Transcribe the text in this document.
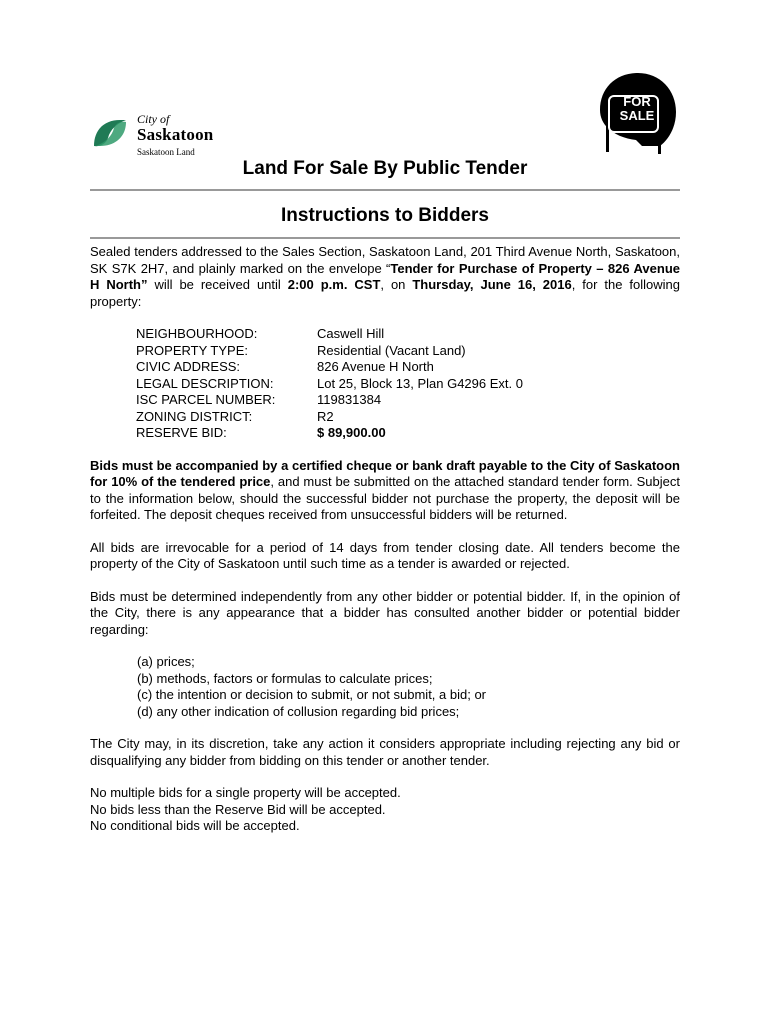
City of
Saskatoon
Saskatoon Land
FOR
SALE
Land For Sale By Public Tender
Instructions to Bidders

Sealed tenders addressed to the Sales Section, Saskatoon Land, 201 Third Avenue North, Saskatoon, SK S7K 2H7, and plainly marked on the envelope “Tender for Purchase of Property – 826 Avenue H North” will be received until 2:00 p.m. CST, on Thursday, June 16, 2016, for the following property:

NEIGHBOURHOOD:	Caswell Hill
PROPERTY TYPE:	Residential (Vacant Land)
CIVIC ADDRESS:	826 Avenue H North
LEGAL DESCRIPTION:	Lot 25, Block 13, Plan G4296 Ext. 0
ISC PARCEL NUMBER:	119831384
ZONING DISTRICT:	R2
RESERVE BID:	$ 89,900.00

Bids must be accompanied by a certified cheque or bank draft payable to the City of Saskatoon for 10% of the tendered price, and must be submitted on the attached standard tender form. Subject to the information below, should the successful bidder not purchase the property, the deposit will be forfeited. The deposit cheques received from unsuccessful bidders will be returned.

All bids are irrevocable for a period of 14 days from tender closing date. All tenders become the property of the City of Saskatoon until such time as a tender is awarded or rejected.

Bids must be determined independently from any other bidder or potential bidder. If, in the opinion of the City, there is any appearance that a bidder has consulted another bidder or potential bidder regarding:

(a) prices;
(b) methods, factors or formulas to calculate prices;
(c) the intention or decision to submit, or not submit, a bid; or
(d) any other indication of collusion regarding bid prices;

The City may, in its discretion, take any action it considers appropriate including rejecting any bid or disqualifying any bidder from bidding on this tender or another tender.

No multiple bids for a single property will be accepted.
No bids less than the Reserve Bid will be accepted.
No conditional bids will be accepted.
